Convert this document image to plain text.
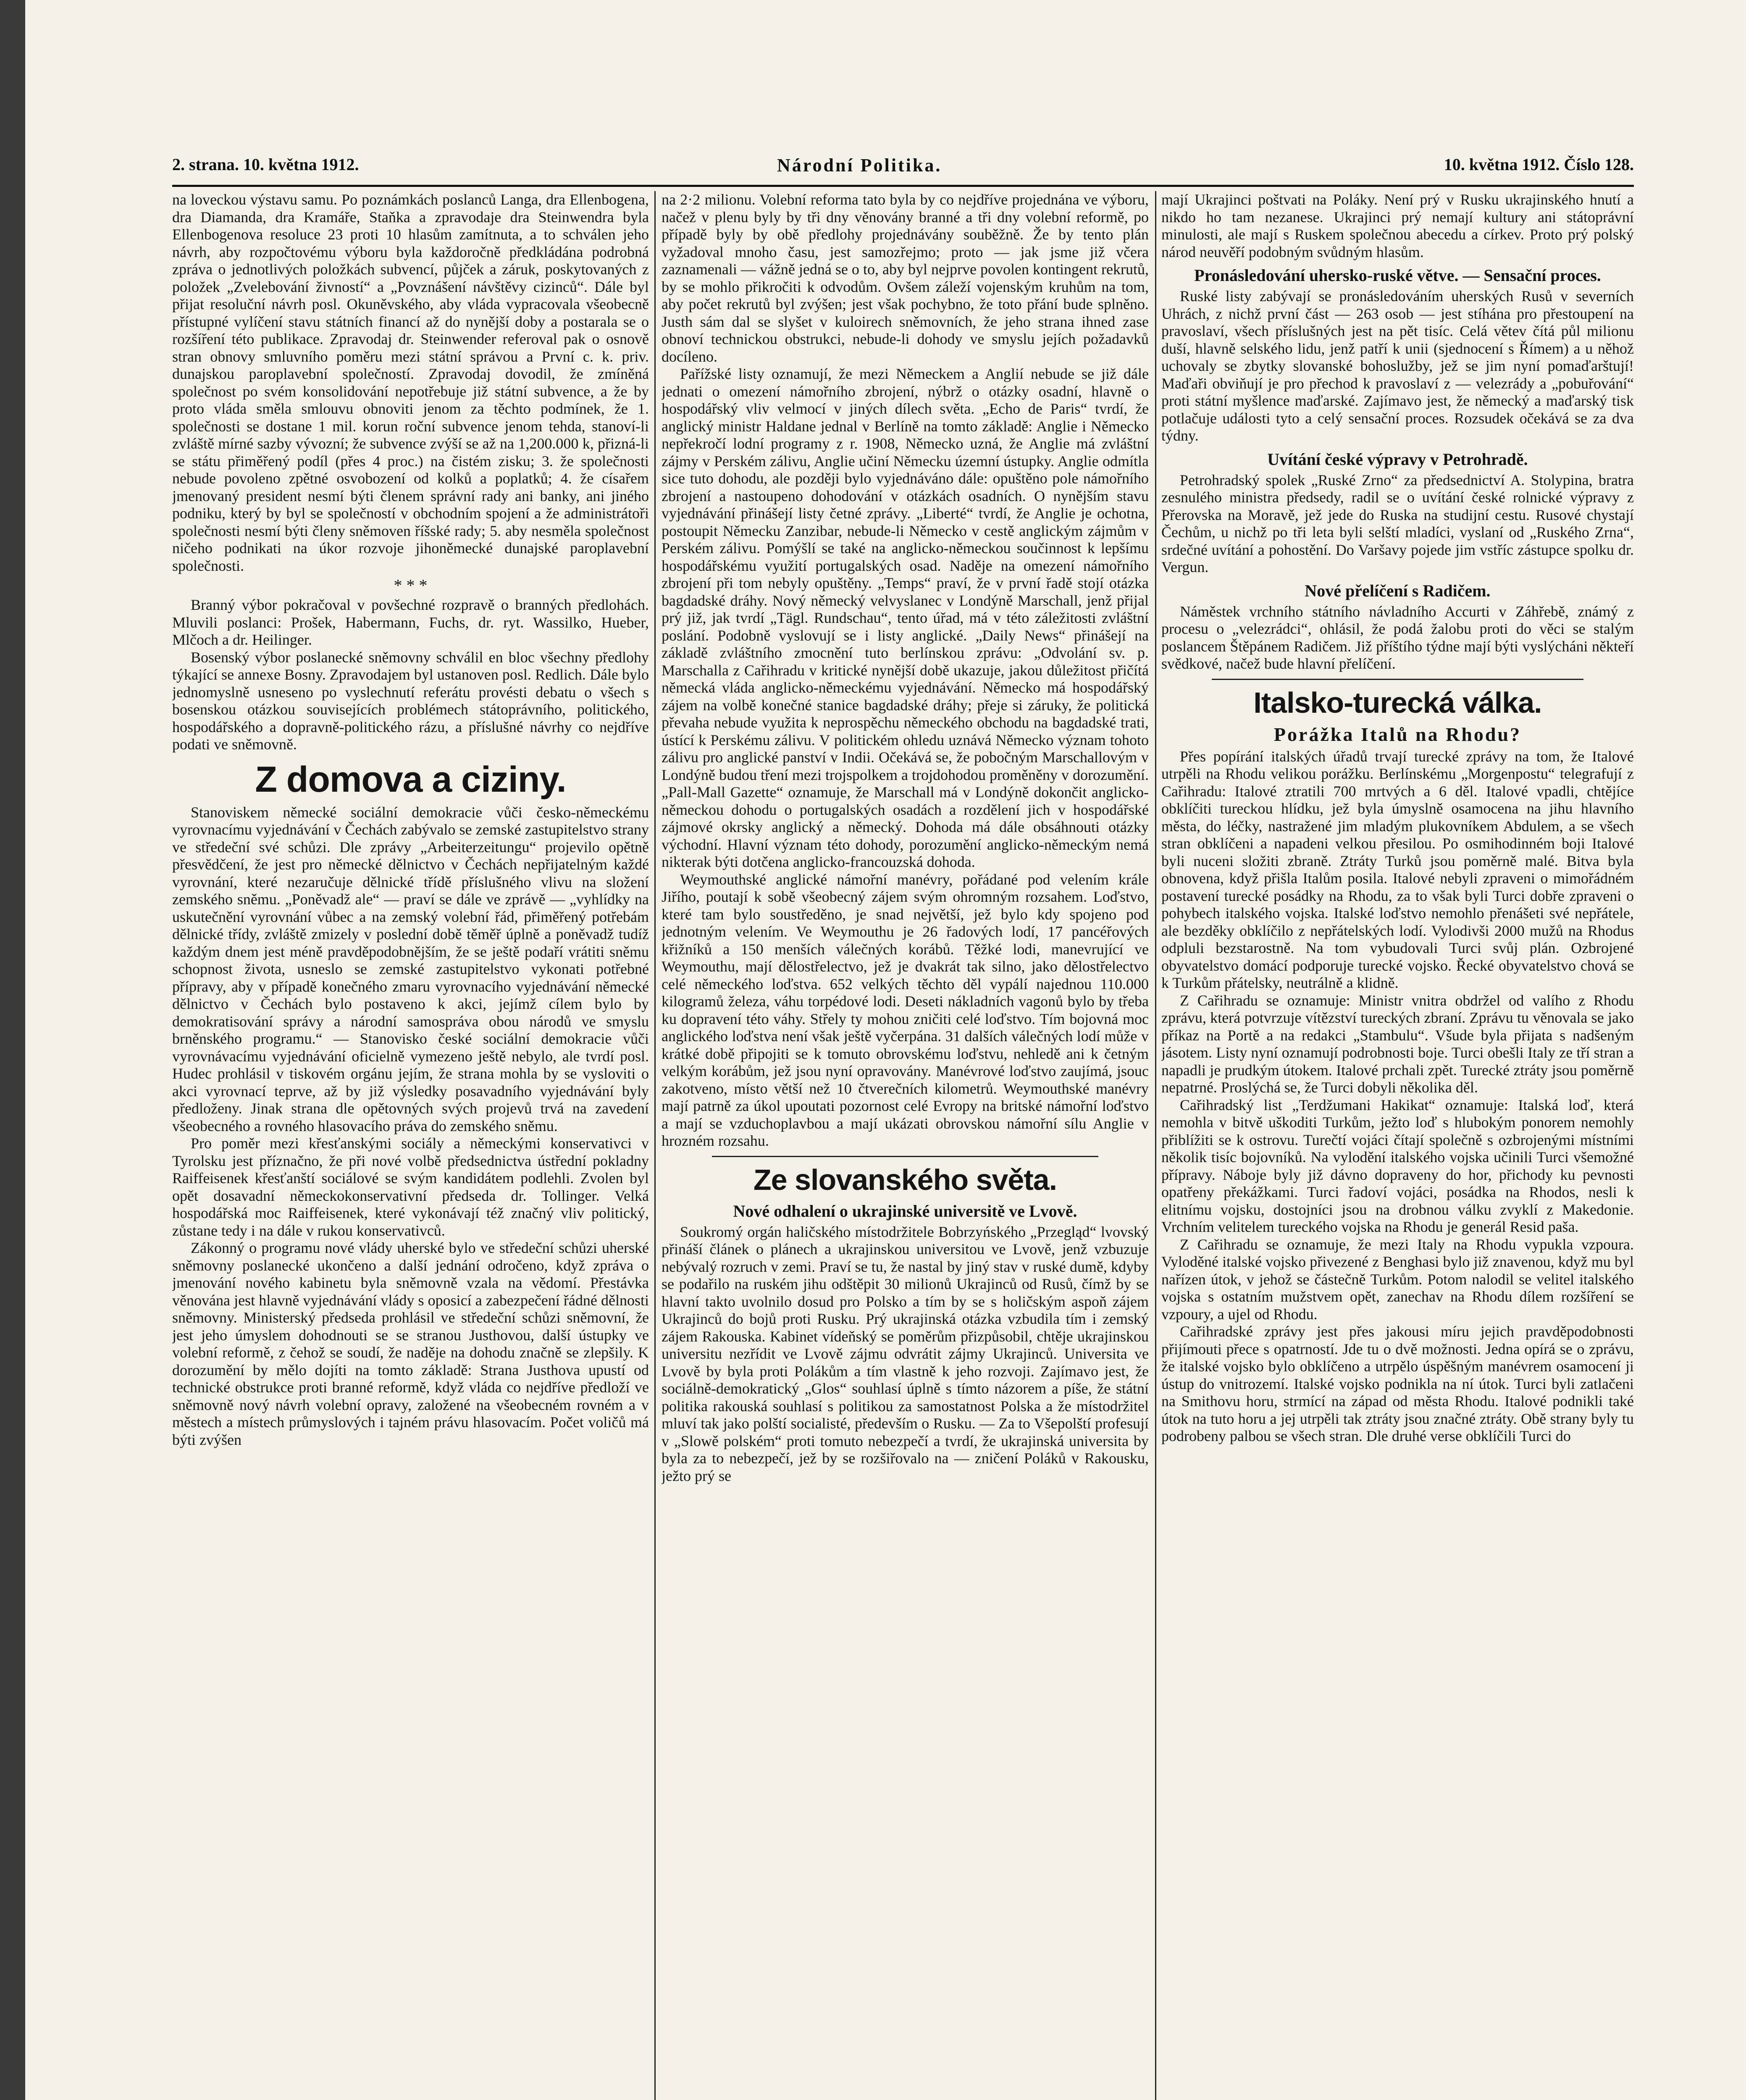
2. strana. 10. května 1912.	Národní Politika.	10. května 1912. Číslo 128.

na loveckou výstavu samu. Po poznámkách poslanců Langa, dra Ellenbogena, dra Diamanda, dra Kramáře, Staňka a zpravodaje dra Steinwendra byla Ellenbogenova resoluce 23 proti 10 hlasům zamítnuta, a to schválen jeho návrh, aby rozpočtovému výboru byla každoročně předkládána podrobná zpráva o jednotlivých položkách subvencí, půjček a záruk, poskytovaných z položek „Zvelebování živností“ a „Povznášení návštěvy cizinců“. Dále byl přijat resoluční návrh posl. Okuněvského, aby vláda vypracovala všeobecně přístupné vylíčení stavu státních financí až do nynější doby a postarala se o rozšíření této publikace. Zpravodaj dr. Steinwender referoval pak o osnově stran obnovy smluvního poměru mezi státní správou a První c. k. priv. dunajskou paroplavební společností. Zpravodaj dovodil, že zmíněná společnost po svém konsolidování nepotřebuje již státní subvence, a že by proto vláda směla smlouvu obnoviti jenom za těchto podmínek, že 1. společnosti se dostane 1 mil. korun roční subvence jenom tehda, stanoví-li zvláště mírné sazby vývozní; že subvence zvýší se až na 1,200.000 k, přizná-li se státu přiměřený podíl (přes 4 proc.) na čistém zisku; 3. že společnosti nebude povoleno zpětné osvobození od kolků a poplatků; 4. že císařem jmenovaný president nesmí býti členem správní rady ani banky, ani jiného podniku, který by byl se společností v obchodním spojení a že administrátoři společnosti nesmí býti členy sněmoven říšské rady; 5. aby nesměla společnost ničeho podnikati na úkor rozvoje jihoněmecké dunajské paroplavební společnosti.

* * *

Branný výbor pokračoval v povšechné rozpravě o branných předlohách. Mluvili poslanci: Prošek, Habermann, Fuchs, dr. ryt. Wassilko, Hueber, Mlčoch a dr. Heilinger.

Bosenský výbor poslanecké sněmovny schválil en bloc všechny předlohy týkající se annexe Bosny. Zpravodajem byl ustanoven posl. Redlich. Dále bylo jednomyslně usneseno po vyslechnutí referátu provésti debatu o všech s bosenskou otázkou souvisejících problémech státoprávního, politického, hospodářského a dopravně-politického rázu, a příslušné návrhy co nejdříve podati ve sněmovně.

Z domova a ciziny.

Stanoviskem německé sociální demokracie vůči česko-německému vyrovnacímu vyjednávání v Čechách zabývalo se zemské zastupitelstvo strany ve středeční své schůzi. Dle zprávy „Arbeiterzeitungu“ projevilo opětně přesvědčení, že jest pro německé dělnictvo v Čechách nepřijatelným každé vyrovnání, které nezaručuje dělnické třídě příslušného vlivu na složení zemského sněmu. „Poněvadž ale“ — praví se dále ve zprávě — „vyhlídky na uskutečnění vyrovnání vůbec a na zemský volební řád, přiměřený potřebám dělnické třídy, zvláště zmizely v poslední době těměř úplně a poněvadž tudíž každým dnem jest méně pravděpodobnějším, že se ještě podaří vrátiti sněmu schopnost života, usneslo se zemské zastupitelstvo vykonati potřebné přípravy, aby v případě konečného zmaru vyrovnacího vyjednávání německé dělnictvo v Čechách bylo postaveno k akci, jejímž cílem bylo by demokratisování správy a národní samospráva obou národů ve smyslu brněnského programu.“ — Stanovisko české sociální demokracie vůči vyrovnávacímu vyjednávání oficielně vymezeno ještě nebylo, ale tvrdí posl. Hudec prohlásil v tiskovém orgánu jejím, že strana mohla by se vysloviti o akci vyrovnací teprve, až by již výsledky posavadního vyjednávání byly předloženy. Jinak strana dle opětovných svých projevů trvá na zavedení všeobecného a rovného hlasovacího práva do zemského sněmu.

Pro poměr mezi křesťanskými sociály a německými konservativci v Tyrolsku jest příznačno, že při nové volbě předsednictva ústřední pokladny Raiffeisenek křesťanští sociálové se svým kandidátem podlehli. Zvolen byl opět dosavadní německokonservativní předseda dr. Tollinger. Velká hospodářská moc Raiffeisenek, které vykonávají též značný vliv politický, zůstane tedy i na dále v rukou konservativců.

Zákonný o programu nové vlády uherské bylo ve středeční schůzi uherské sněmovny poslanecké ukončeno a další jednání odročeno, když zpráva o jmenování nového kabinetu byla sněmovně vzala na vědomí. Přestávka věnována jest hlavně vyjednávání vlády s oposicí a zabezpečení řádné dělnosti sněmovny. Ministerský předseda prohlásil ve středeční schůzi sněmovní, že jest jeho úmyslem dohodnouti se se stranou Justhovou, další ústupky ve volební reformě, z čehož se soudí, že naděje na dohodu značně se zlepšily. K dorozumění by mělo dojíti na tomto základě: Strana Justhova upustí od technické obstrukce proti branné reformě, když vláda co nejdříve předloží ve sněmovně nový návrh volební opravy, založené na všeobecném rovném a v městech a místech průmyslových i tajném právu hlasovacím. Počet voličů má býti zvýšen

na 2·2 milionu. Volební reforma tato byla by co nejdříve projednána ve výboru, načež v plenu byly by tři dny věnovány branné a tři dny volební reformě, po případě byly by obě předlohy projednávány souběžně. Že by tento plán vyžadoval mnoho času, jest samozřejmo; proto — jak jsme již včera zaznamenali — vážně jedná se o to, aby byl nejprve povolen kontingent rekrutů, by se mohlo přikročiti k odvodům. Ovšem záleží vojenským kruhům na tom, aby počet rekrutů byl zvýšen; jest však pochybno, že toto přání bude splněno. Justh sám dal se slyšet v kuloirech sněmovních, že jeho strana ihned zase obnoví technickou obstrukci, nebude-li dohody ve smyslu jejích požadavků docíleno.

Pařížské listy oznamují, že mezi Německem a Anglií nebude se již dále jednati o omezení námořního zbrojení, nýbrž o otázky osadní, hlavně o hospodářský vliv velmocí v jiných dílech světa. „Echo de Paris“ tvrdí, že anglický ministr Haldane jednal v Berlíně na tomto základě: Anglie i Německo nepřekročí lodní programy z r. 1908, Německo uzná, že Anglie má zvláštní zájmy v Perském zálivu, Anglie učiní Německu územní ústupky. Anglie odmítla sice tuto dohodu, ale později bylo vyjednáváno dále: opuštěno pole námořního zbrojení a nastoupeno dohodování v otázkách osadních. O nynějším stavu vyjednávání přinášejí listy četné zprávy. „Liberté“ tvrdí, že Anglie je ochotna, postoupit Německu Zanzibar, nebude-li Německo v cestě anglickým zájmům v Perském zálivu. Pomýšlí se také na anglicko-německou součinnost k lepšímu hospodářskému využití portugalských osad. Naděje na omezení námořního zbrojení při tom nebyly opuštěny. „Temps“ praví, že v první řadě stojí otázka bagdadské dráhy. Nový německý velvyslanec v Londýně Marschall, jenž přijal prý již, jak tvrdí „Tägl. Rundschau“, tento úřad, má v této záležitosti zvláštní poslání. Podobně vyslovují se i listy anglické. „Daily News“ přinášejí na základě zvláštního zmocnění tuto berlínskou zprávu: „Odvolání sv. p. Marschalla z Cařihradu v kritické nynější době ukazuje, jakou důležitost přičítá německá vláda anglicko-německému vyjednávání. Německo má hospodářský zájem na volbě konečné stanice bagdadské dráhy; přeje si záruky, že politická převaha nebude využita k neprospěchu německého obchodu na bagdadské trati, ústící k Perskému zálivu. V politickém ohledu uznává Německo význam tohoto zálivu pro anglické panství v Indii. Očekává se, že pobočným Marschallovým v Londýně budou tření mezi trojspolkem a trojdohodou proměněny v dorozumění. „Pall-Mall Gazette“ oznamuje, že Marschall má v Londýně dokončit anglicko-německou dohodu o portugalských osadách a rozdělení jich v hospodářské zájmové okrsky anglický a německý. Dohoda má dále obsáhnouti otázky východní. Hlavní význam této dohody, porozumění anglicko-německým nemá nikterak býti dotčena anglicko-francouzská dohoda.

Weymouthské anglické námořní manévry, pořádané pod velením krále Jiřího, poutají k sobě všeobecný zájem svým ohromným rozsahem. Loďstvo, které tam bylo soustředěno, je snad největší, jež bylo kdy spojeno pod jednotným velením. Ve Weymouthu je 26 řadových lodí, 17 pancéřových křižníků a 150 menších válečných korábů. Těžké lodi, manevrující ve Weymouthu, mají dělostřelectvo, jež je dvakrát tak silno, jako dělostřelectvo celé německého loďstva. 652 velkých těchto děl vypálí najednou 110.000 kilogramů železa, váhu torpédové lodi. Deseti nákladních vagonů bylo by třeba ku dopravení této váhy. Střely ty mohou zničiti celé loďstvo. Tím bojovná moc anglického loďstva není však ještě vyčerpána. 31 dalších válečných lodí může v krátké době připojiti se k tomuto obrovskému loďstvu, nehledě ani k četným velkým korábům, jež jsou nyní opravovány. Manévrové loďstvo zaujímá, jsouc zakotveno, místo větší než 10 čtverečních kilometrů. Weymouthské manévry mají patrně za úkol upoutati pozornost celé Evropy na britské námořní loďstvo a mají se vzduchoplavbou a mají ukázati obrovskou námořní sílu Anglie v hrozném rozsahu.

Ze slovanského světa.
Nové odhalení o ukrajinské universitě ve Lvově.

Soukromý orgán haličského místodržitele Bobrzyńského „Przegląd“ lvovský přináší článek o plánech a ukrajinskou universitou ve Lvově, jenž vzbuzuje nebývalý rozruch v zemi. Praví se tu, že nastal by jiný stav v ruské dumě, kdyby se podařilo na ruském jihu odštěpit 30 milionů Ukrajinců od Rusů, čímž by se hlavní takto uvolnilo dosud pro Polsko a tím by se s holičským aspoň zájem Ukrajinců do bojů proti Rusku. Prý ukrajinská otázka vzbudila tím i zemský zájem Rakouska. Kabinet vídeňský se poměrům přizpůsobil, chtěje ukrajinskou universitu nezřídit ve Lvově zájmu odvrátit zájmy Ukrajinců. Universita ve Lvově by byla proti Polákům a tím vlastně k jeho rozvoji. Zajímavo jest, že sociálně-demokratický „Glos“ souhlasí úplně s tímto názorem a píše, že státní politika rakouská souhlasí s politikou za samostatnost Polska a že místodržitel mluví tak jako polští socialisté, především o Rusku. — Za to Všepolští profesují v „Slowě polském“ proti tomuto nebezpečí a tvrdí, že ukrajinská universita by byla za to nebezpečí, jež by se rozšiřovalo na — zničení Poláků v Rakousku, ježto prý se

mají Ukrajinci poštvati na Poláky. Není prý v Rusku ukrajinského hnutí a nikdo ho tam nezanese. Ukrajinci prý nemají kultury ani státoprávní minulosti, ale mají s Ruskem společnou abecedu a církev. Proto prý polský národ neuvěří podobným svůdným hlasům.

Pronásledování uhersko-ruské větve. — Sensační proces.

Ruské listy zabývají se pronásledováním uherských Rusů v severních Uhrách, z nichž první část — 263 osob — jest stíhána pro přestoupení na pravoslaví, všech příslušných jest na pět tisíc. Celá větev čítá půl milionu duší, hlavně selského lidu, jenž patří k unii (sjednocení s Římem) a u něhož uchovaly se zbytky slovanské bohoslužby, jež se jim nyní pomaďarštují! Maďaři obviňují je pro přechod k pravoslaví z — velezrády a „pobuřování“ proti státní myšlence maďarské. Zajímavo jest, že německý a maďarský tisk potlačuje události tyto a celý sensační proces. Rozsudek očekává se za dva týdny.

Uvítání české výpravy v Petrohradě.

Petrohradský spolek „Ruské Zrno“ za předsednictví A. Stolypina, bratra zesnulého ministra předsedy, radil se o uvítání české rolnické výpravy z Přerovska na Moravě, jež jede do Ruska na studijní cestu. Rusové chystají Čechům, u nichž po tři leta byli selští mladíci, vyslaní od „Ruského Zrna“, srdečné uvítání a pohostění. Do Varšavy pojede jim vstříc zástupce spolku dr. Vergun.

Nové přelíčení s Radičem.

Náměstek vrchního státního návladního Accurti v Záhřebě, známý z procesu o „velezrádci“, ohlásil, že podá žalobu proti do věci se stalým poslancem Štěpánem Radičem. Již příštího týdne mají býti vyslýcháni někteří svědkové, načež bude hlavní přelíčení.

Italsko-turecká válka.
Porážka Italů na Rhodu?

Přes popírání italských úřadů trvají turecké zprávy na tom, že Italové utrpěli na Rhodu velikou porážku. Berlínskému „Morgenpostu“ telegrafují z Cařihradu: Italové ztratili 700 mrtvých a 6 děl. Italové vpadli, chtějíce obklíčiti tureckou hlídku, jež byla úmyslně osamocena na jihu hlavního města, do léčky, nastražené jim mladým plukovníkem Abdulem, a se všech stran obklíčeni a napadeni velkou přesilou. Po osmihodinném boji Italové byli nuceni složiti zbraně. Ztráty Turků jsou poměrně malé. Bitva byla obnovena, když přišla Italům posila. Italové nebyli zpraveni o mimořádném postavení turecké posádky na Rhodu, za to však byli Turci dobře zpraveni o pohybech italského vojska. Italské loďstvo nemohlo přenášeti své nepřátele, ale bezděky obklíčilo z nepřátelských lodí. Vylodivši 2000 mužů na Rhodus odpluli bezstarostně. Na tom vybudovali Turci svůj plán. Ozbrojené obyvatelstvo domácí podporuje turecké vojsko. Řecké obyvatelstvo chová se k Turkům přátelsky, neutrálně a klidně.

Z Cařihradu se oznamuje: Ministr vnitra obdržel od valího z Rhodu zprávu, která potvrzuje vítězství tureckých zbraní. Zprávu tu věnovala se jako příkaz na Portě a na redakci „Stambulu“. Všude byla přijata s nadšeným jásotem. Listy nyní oznamují podrobnosti boje. Turci obešli Italy ze tří stran a napadli je prudkým útokem. Italové prchali zpět. Turecké ztráty jsou poměrně nepatrné. Proslýchá se, že Turci dobyli několika děl.

Cařihradský list „Terdžumani Hakikat“ oznamuje: Italská loď, která nemohla v bitvě uškoditi Turkům, ježto loď s hlubokým ponorem nemohly přiblížiti se k ostrovu. Turečtí vojáci čítají společně s ozbrojenými místními několik tisíc bojovníků. Na vylodění italského vojska učinili Turci všemožné přípravy. Náboje byly již dávno dopraveny do hor, přichody ku pevnosti opatřeny překážkami. Turci řadoví vojáci, posádka na Rhodos, nesli k elitnímu vojsku, dostojníci jsou na drobnou válku zvyklí z Makedonie. Vrchním velitelem tureckého vojska na Rhodu je generál Resid paša.

Z Cařihradu se oznamuje, že mezi Italy na Rhodu vypukla vzpoura. Vyloděné italské vojsko přivezené z Benghasi bylo již znavenou, když mu byl nařízen útok, v jehož se částečně Turkům. Potom nalodil se velitel italského vojska s ostatním mužstvem opět, zanechav na Rhodu dílem rozšíření se vzpoury, a ujel od Rhodu.

Cařihradské zprávy jest přes jakousi míru jejich pravděpodobnosti přijímouti přece s opatrností. Jde tu o dvě možnosti. Jedna opírá se o zprávu, že italské vojsko bylo obklíčeno a utrpělo úspěšným manévrem osamocení ji ústup do vnitrozemí. Italské vojsko podnikla na ní útok. Turci byli zatlačeni na Smithovu horu, strmící na západ od města Rhodu. Italové podnikli také útok na tuto horu a jej utrpěli tak ztráty jsou značné ztráty. Obě strany byly tu podrobeny palbou se všech stran. Dle druhé verse obklíčili Turci do
